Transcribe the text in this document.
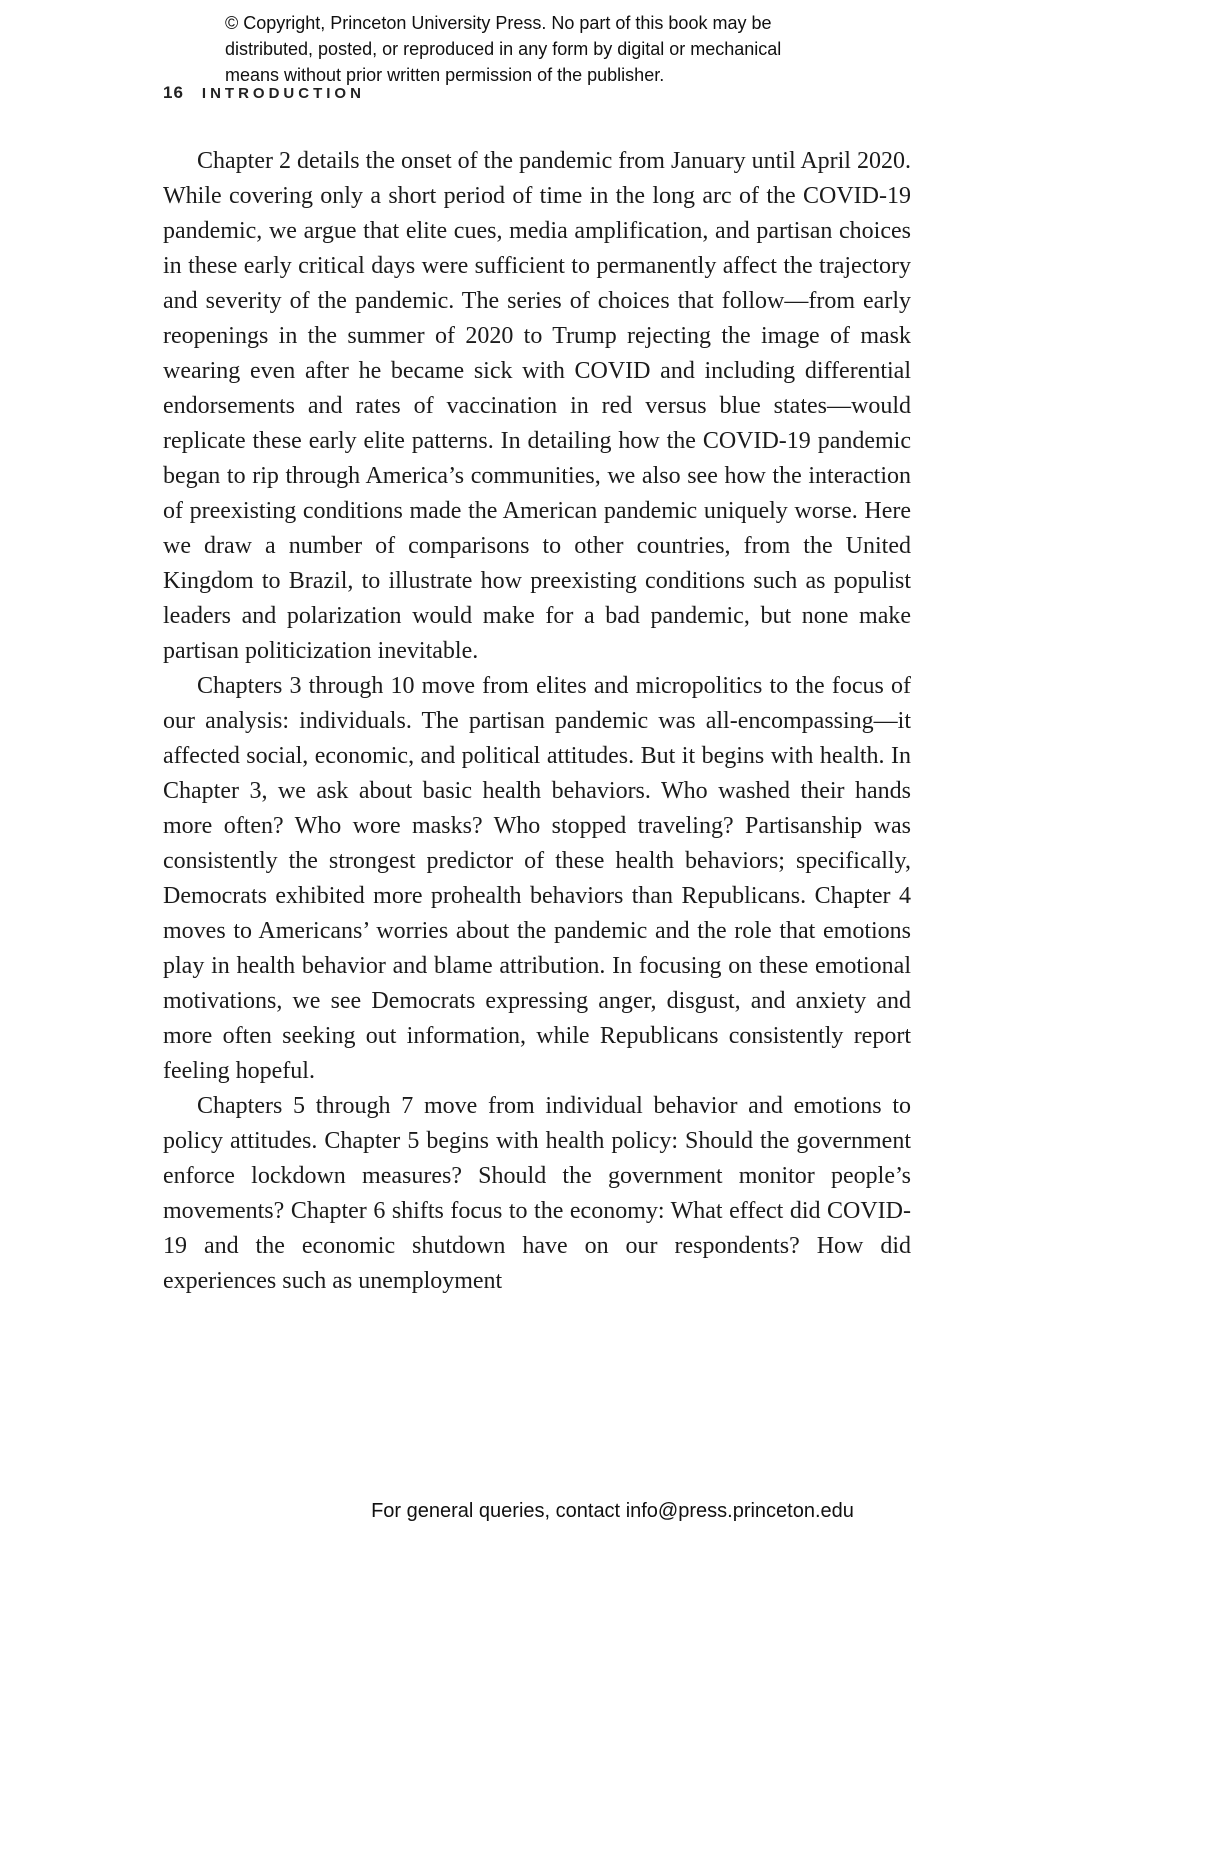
© Copyright, Princeton University Press. No part of this book may be
distributed, posted, or reproduced in any form by digital or mechanical
means without prior written permission of the publisher.
16 INTRODUCTION

Chapter 2 details the onset of the pandemic from January until April 2020. While covering only a short period of time in the long arc of the COVID-19 pandemic, we argue that elite cues, media amplification, and partisan choices in these early critical days were sufficient to permanently affect the trajectory and severity of the pandemic. The series of choices that follow—from early reopenings in the summer of 2020 to Trump rejecting the image of mask wearing even after he became sick with COVID and including differential endorsements and rates of vaccination in red versus blue states—would replicate these early elite patterns. In detailing how the COVID-19 pandemic began to rip through America’s communities, we also see how the interaction of preexisting conditions made the American pandemic uniquely worse. Here we draw a number of comparisons to other countries, from the United Kingdom to Brazil, to illustrate how preexisting conditions such as populist leaders and polarization would make for a bad pandemic, but none make partisan politicization inevitable.

Chapters 3 through 10 move from elites and micropolitics to the focus of our analysis: individuals. The partisan pandemic was all-encompassing—it affected social, economic, and political attitudes. But it begins with health. In Chapter 3, we ask about basic health behaviors. Who washed their hands more often? Who wore masks? Who stopped traveling? Partisanship was consistently the strongest predictor of these health behaviors; specifically, Democrats exhibited more prohealth behaviors than Republicans. Chapter 4 moves to Americans’ worries about the pandemic and the role that emotions play in health behavior and blame attribution. In focusing on these emotional motivations, we see Democrats expressing anger, disgust, and anxiety and more often seeking out information, while Republicans consistently report feeling hopeful.

Chapters 5 through 7 move from individual behavior and emotions to policy attitudes. Chapter 5 begins with health policy: Should the government enforce lockdown measures? Should the government monitor people’s movements? Chapter 6 shifts focus to the economy: What effect did COVID-19 and the economic shutdown have on our respondents? How did experiences such as unemployment

For general queries, contact info@press.princeton.edu
